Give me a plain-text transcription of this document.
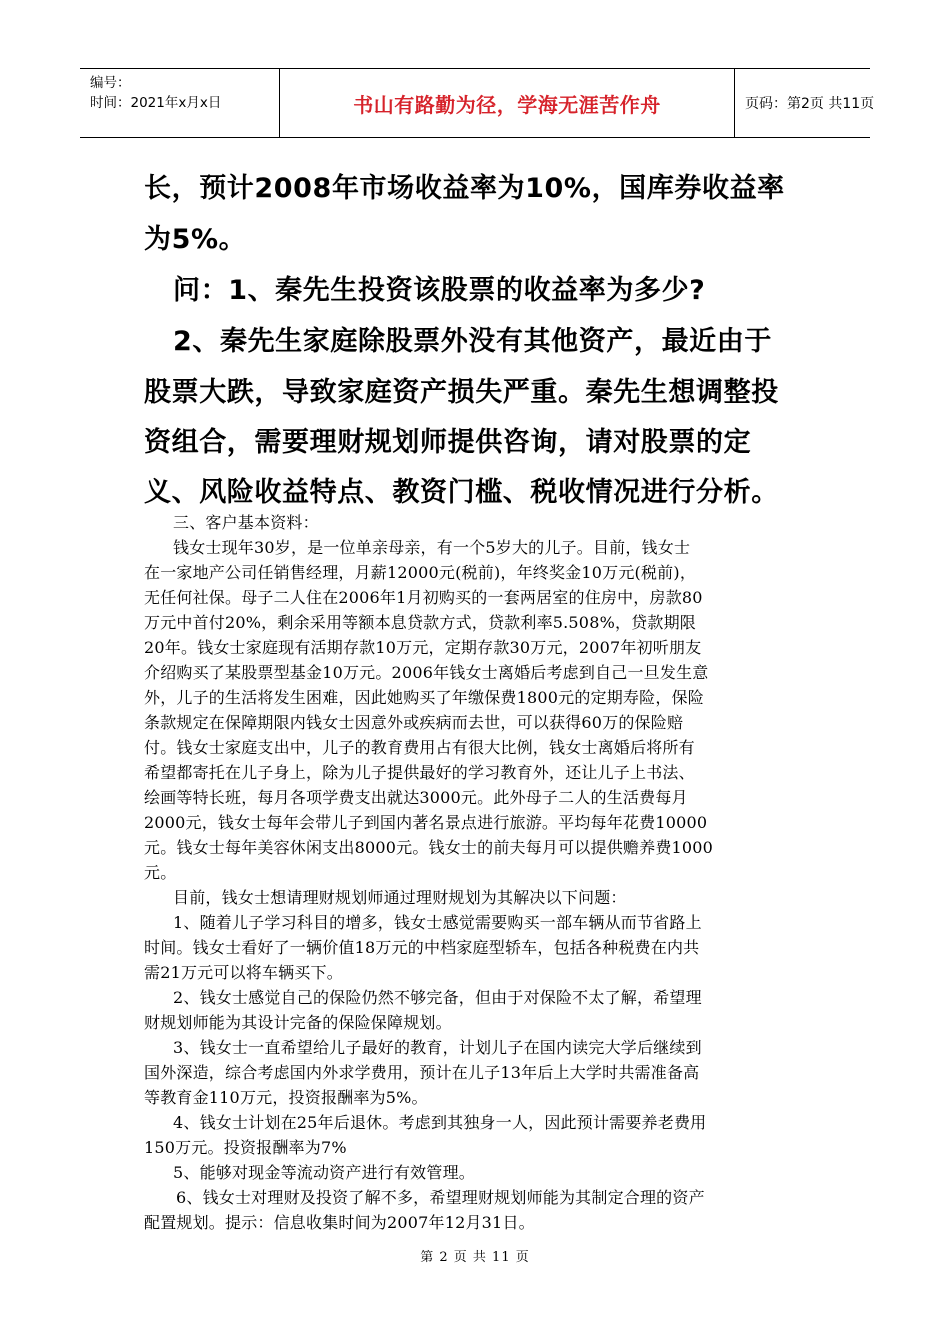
编号：
时间：2021年x月x日	书山有路勤为径，学海无涯苦作舟	页码：第2页 共11页
长，预计2008年市场收益率为10%，国库券收益率
为5%。
问：1、秦先生投资该股票的收益率为多少?
2、秦先生家庭除股票外没有其他资产，最近由于
股票大跌，导致家庭资产损失严重。秦先生想调整投
资组合，需要理财规划师提供咨询，请对股票的定
义、风险收益特点、教资门槛、税收情况进行分析。
三、客户基本资料：
钱女士现年30岁，是一位单亲母亲，有一个5岁大的儿子。目前，钱女士
在一家地产公司任销售经理，月薪12000元(税前)，年终奖金10万元(税前)，
无任何社保。母子二人住在2006年1月初购买的一套两居室的住房中，房款80
万元中首付20%，剩余采用等额本息贷款方式，贷款利率5.508%，贷款期限
20年。钱女士家庭现有活期存款10万元，定期存款30万元，2007年初听朋友
介绍购买了某股票型基金10万元。2006年钱女士离婚后考虑到自己一旦发生意
外，儿子的生活将发生困难，因此她购买了年缴保费1800元的定期寿险，保险
条款规定在保障期限内钱女士因意外或疾病而去世，可以获得60万的保险赔
付。钱女士家庭支出中，儿子的教育费用占有很大比例，钱女士离婚后将所有
希望都寄托在儿子身上，除为儿子提供最好的学习教育外，还让儿子上书法、
绘画等特长班，每月各项学费支出就达3000元。此外母子二人的生活费每月
2000元，钱女士每年会带儿子到国内著名景点进行旅游。平均每年花费10000
元。钱女士每年美容休闲支出8000元。钱女士的前夫每月可以提供赡养费1000
元。
目前，钱女士想请理财规划师通过理财规划为其解决以下问题：
1、随着儿子学习科目的增多，钱女士感觉需要购买一部车辆从而节省路上
时间。钱女士看好了一辆价值18万元的中档家庭型轿车，包括各种税费在内共
需21万元可以将车辆买下。
2、钱女士感觉自己的保险仍然不够完备，但由于对保险不太了解，希望理
财规划师能为其设计完备的保险保障规划。
3、钱女士一直希望给儿子最好的教育，计划儿子在国内读完大学后继续到
国外深造，综合考虑国内外求学费用，预计在儿子13年后上大学时共需准备高
等教育金110万元，投资报酬率为5%。
4、钱女士计划在25年后退休。考虑到其独身一人，因此预计需要养老费用
150万元。投资报酬率为7%
5、能够对现金等流动资产进行有效管理。
6、钱女士对理财及投资了解不多，希望理财规划师能为其制定合理的资产
配置规划。提示：信息收集时间为2007年12月31日。
第 2 页 共 11 页
